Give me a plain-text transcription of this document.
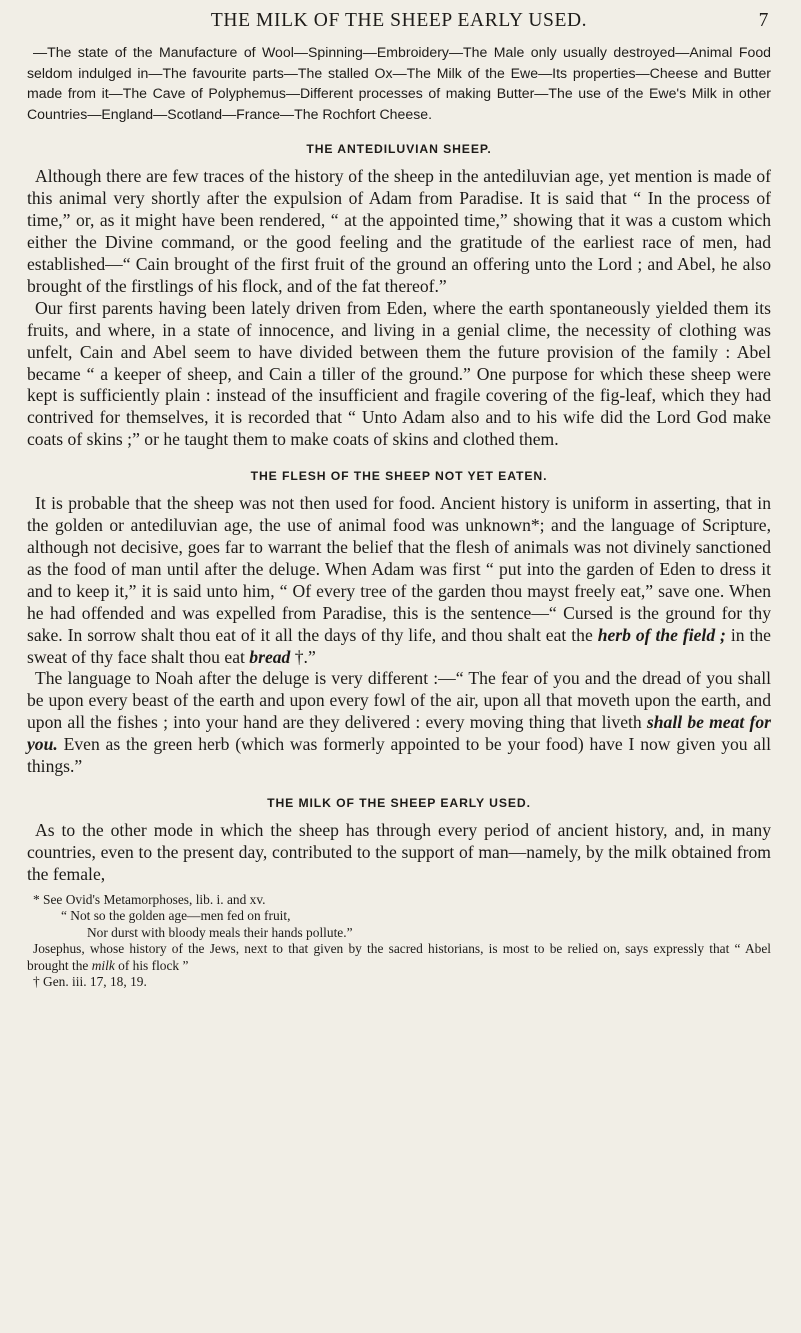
THE MILK OF THE SHEEP EARLY USED.	7

—The state of the Manufacture of Wool—Spinning—Embroidery—The Male only usually destroyed—Animal Food seldom indulged in—The favourite parts—The stalled Ox—The Milk of the Ewe—Its properties—Cheese and Butter made from it—The Cave of Polyphemus—Different processes of making Butter—The use of the Ewe's Milk in other Countries—England—Scotland—France—The Rochfort Cheese.

THE ANTEDILUVIAN SHEEP.

Although there are few traces of the history of the sheep in the antediluvian age, yet mention is made of this animal very shortly after the expulsion of Adam from Paradise. It is said that “ In the process of time,” or, as it might have been rendered, “ at the appointed time,” showing that it was a custom which either the Divine command, or the good feeling and the gratitude of the earliest race of men, had established—“ Cain brought of the first fruit of the ground an offering unto the Lord ; and Abel, he also brought of the firstlings of his flock, and of the fat thereof.”

Our first parents having been lately driven from Eden, where the earth spontaneously yielded them its fruits, and where, in a state of innocence, and living in a genial clime, the necessity of clothing was unfelt, Cain and Abel seem to have divided between them the future provision of the family : Abel became “ a keeper of sheep, and Cain a tiller of the ground.” One purpose for which these sheep were kept is sufficiently plain : instead of the insufficient and fragile covering of the fig-leaf, which they had contrived for themselves, it is recorded that “ Unto Adam also and to his wife did the Lord God make coats of skins ;” or he taught them to make coats of skins and clothed them.

THE FLESH OF THE SHEEP NOT YET EATEN.

It is probable that the sheep was not then used for food. Ancient history is uniform in asserting, that in the golden or antediluvian age, the use of animal food was unknown*; and the language of Scripture, although not decisive, goes far to warrant the belief that the flesh of animals was not divinely sanctioned as the food of man until after the deluge. When Adam was first “ put into the garden of Eden to dress it and to keep it,” it is said unto him, “ Of every tree of the garden thou mayst freely eat,” save one. When he had offended and was expelled from Paradise, this is the sentence—“ Cursed is the ground for thy sake. In sorrow shalt thou eat of it all the days of thy life, and thou shalt eat the herb of the field ; in the sweat of thy face shalt thou eat bread †.”

The language to Noah after the deluge is very different :—“ The fear of you and the dread of you shall be upon every beast of the earth and upon every fowl of the air, upon all that moveth upon the earth, and upon all the fishes ; into your hand are they delivered : every moving thing that liveth shall be meat for you. Even as the green herb (which was formerly appointed to be your food) have I now given you all things.”

THE MILK OF THE SHEEP EARLY USED.

As to the other mode in which the sheep has through every period of ancient history, and, in many countries, even to the present day, contributed to the support of man—namely, by the milk obtained from the female,

* See Ovid's Metamorphoses, lib. i. and xv.

“ Not so the golden age—men fed on fruit,

Nor durst with bloody meals their hands pollute.”

Josephus, whose history of the Jews, next to that given by the sacred historians, is most to be relied on, says expressly that “ Abel brought the milk of his flock ”

† Gen. iii. 17, 18, 19.
